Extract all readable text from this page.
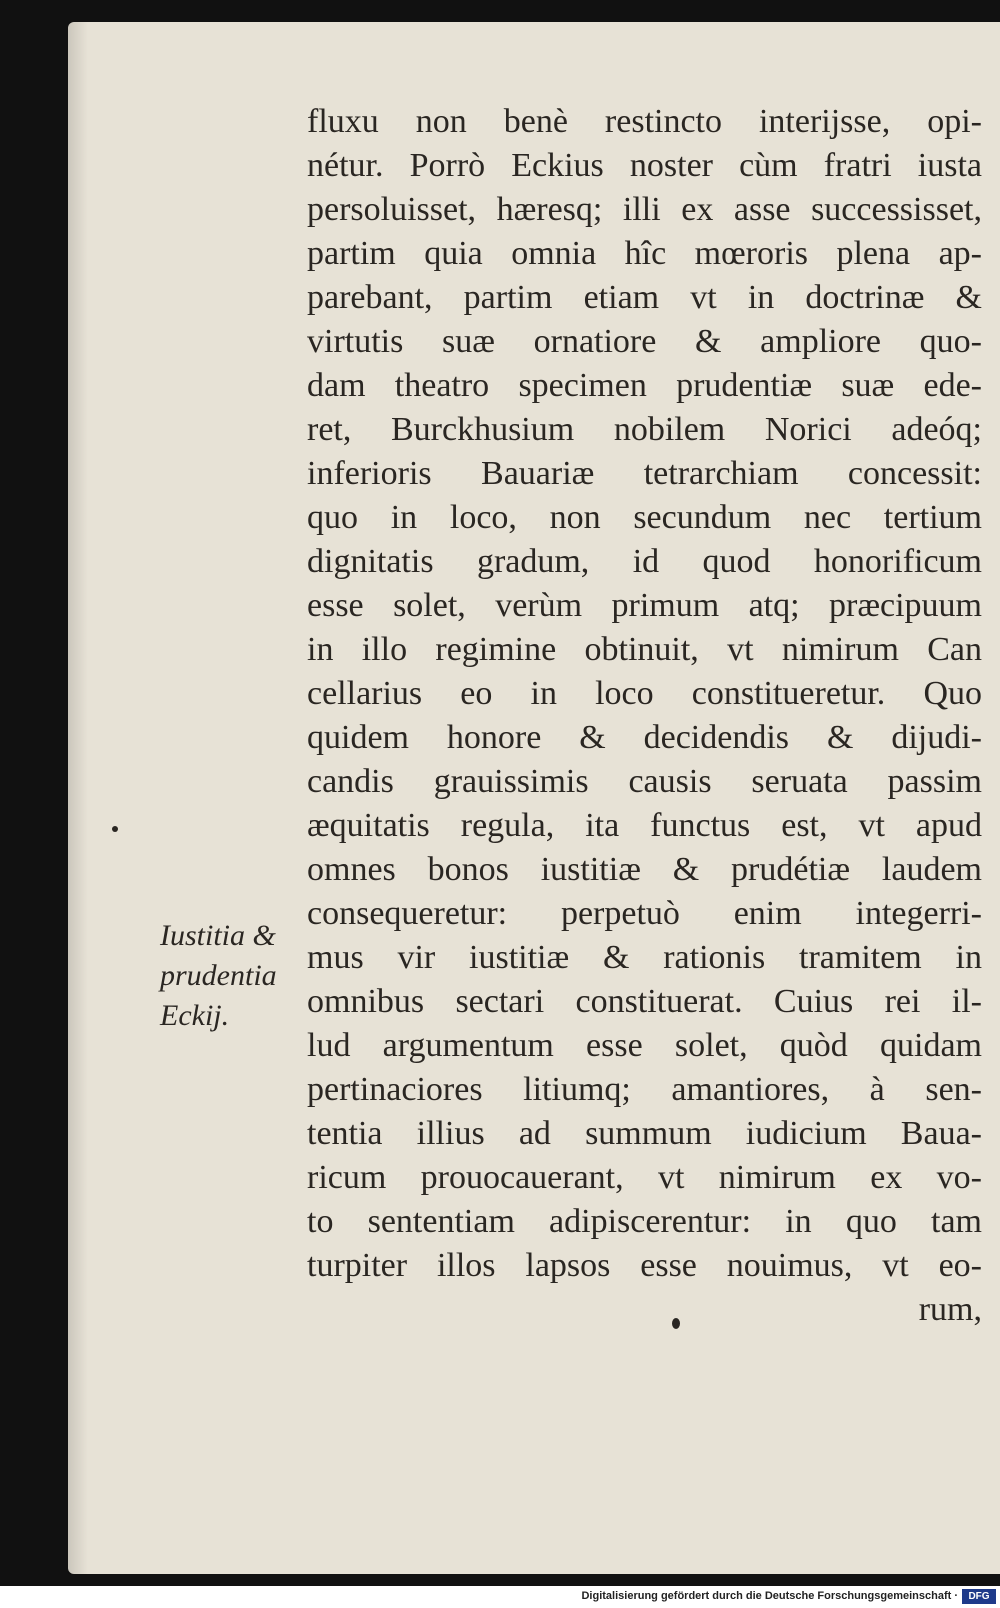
fluxu non benè restincto interijsse, opi-
nétur. Porrò Eckius noster cùm fratri iusta
persoluisset, hæresq; illi ex asse successisset,
partim quia omnia hîc mœroris plena ap-
parebant, partim etiam vt in doctrinæ &
virtutis suæ ornatiore & ampliore quo-
dam theatro specimen prudentiæ suæ ede-
ret, Burckhusium nobilem Norici adeóq;
inferioris Bauariæ tetrarchiam concessit:
quo in loco, non secundum nec tertium
dignitatis gradum, id quod honorificum
esse solet, verùm primum atq; præcipuum
in illo regimine obtinuit, vt nimirum Can
cellarius eo in loco constitueretur. Quo
quidem honore & decidendis & dijudi-
candis grauissimis causis seruata passim
æquitatis regula, ita functus est, vt apud
omnes bonos iustitiæ & prudétiæ laudem
consequeretur: perpetuò enim integerri-
mus vir iustitiæ & rationis tramitem in
omnibus sectari constituerat. Cuius rei il-
lud argumentum esse solet, quòd quidam
pertinaciores litiumq; amantiores, à sen-
tentia illius ad summum iudicium Baua-
ricum prouocauerant, vt nimirum ex vo-
to sententiam adipiscerentur: in quo tam
turpiter illos lapsos esse nouimus, vt eo-
rum,
Iustitia &
prudentia
Eckij.
Digitalisierung gefördert durch die Deutsche Forschungsgemeinschaft ·	DFG
